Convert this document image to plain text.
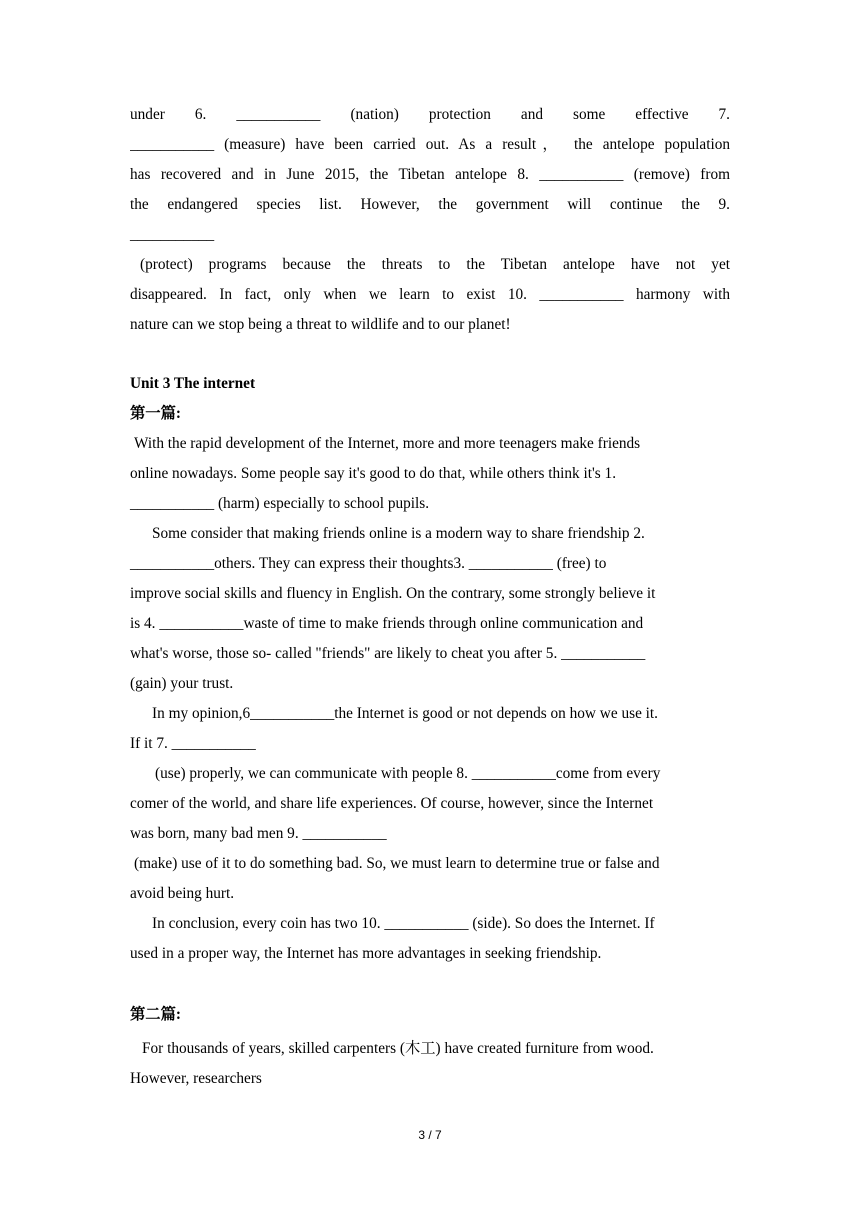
under 6. ___________ (nation) protection and some effective 7.
___________ (measure) have been carried out. As a result， the antelope population
has recovered and in June 2015, the Tibetan antelope 8. ___________ (remove) from
the endangered species list. However, the government will continue the 9.
___________
(protect) programs because the threats to the Tibetan antelope have not yet
disappeared. In fact, only when we learn to exist 10. ___________ harmony with
nature can we stop being a threat to wildlife and to our planet!
Unit 3 The internet
第一篇:
With the rapid development of the Internet, more and more teenagers make friends
online nowadays. Some people say it's good to do that, while others think it's 1.
___________ (harm) especially to school pupils.
Some consider that making friends online is a modern way to share friendship 2.
___________others. They can express their thoughts3. ___________ (free) to
improve social skills and fluency in English. On the contrary, some strongly believe it
is 4. ___________waste of time to make friends through online communication and
what's worse, those so- called "friends" are likely to cheat you after 5. ___________
(gain) your trust.
In my opinion,6___________the Internet is good or not depends on how we use it.
If it 7. ___________
(use) properly, we can communicate with people 8. ___________come from every
comer of the world, and share life experiences. Of course, however, since the Internet
was born, many bad men 9. ___________
(make) use of it to do something bad. So, we must learn to determine true or false and
avoid being hurt.
In conclusion, every coin has two 10. ___________ (side). So does the Internet. If
used in a proper way, the Internet has more advantages in seeking friendship.
第二篇:
For thousands of years, skilled carpenters (木工) have created furniture from wood.
However, researchers
3 / 7
